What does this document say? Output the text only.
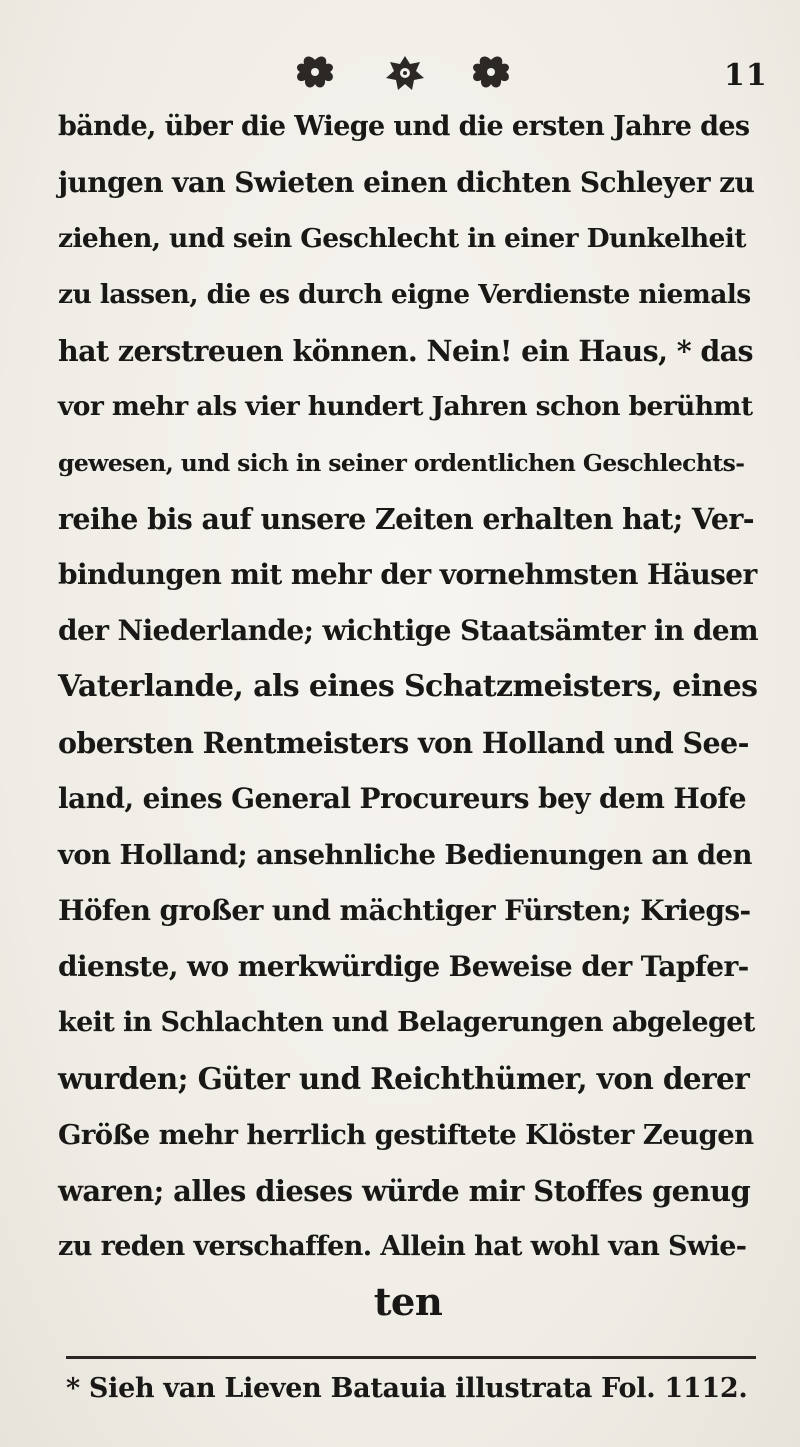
11
bände, über die Wiege und die ersten Jahre des
jungen van Swieten einen dichten Schleyer zu
ziehen, und sein Geschlecht in einer Dunkelheit
zu lassen, die es durch eigne Verdienste niemals
hat zerstreuen können. Nein! ein Haus, * das
vor mehr als vier hundert Jahren schon berühmt
gewesen, und sich in seiner ordentlichen Geschlechts-
reihe bis auf unsere Zeiten erhalten hat; Ver-
bindungen mit mehr der vornehmsten Häuser
der Niederlande; wichtige Staatsämter in dem
Vaterlande, als eines Schatzmeisters, eines
obersten Rentmeisters von Holland und See-
land, eines General Procureurs bey dem Hofe
von Holland; ansehnliche Bedienungen an den
Höfen großer und mächtiger Fürsten; Kriegs-
dienste, wo merkwürdige Beweise der Tapfer-
keit in Schlachten und Belagerungen abgeleget
wurden; Güter und Reichthümer, von derer
Größe mehr herrlich gestiftete Klöster Zeugen
waren; alles dieses würde mir Stoffes genug
zu reden verschaffen. Allein hat wohl van Swie-
ten
* Sieh van Lieven Batauia illustrata Fol. 1112.
